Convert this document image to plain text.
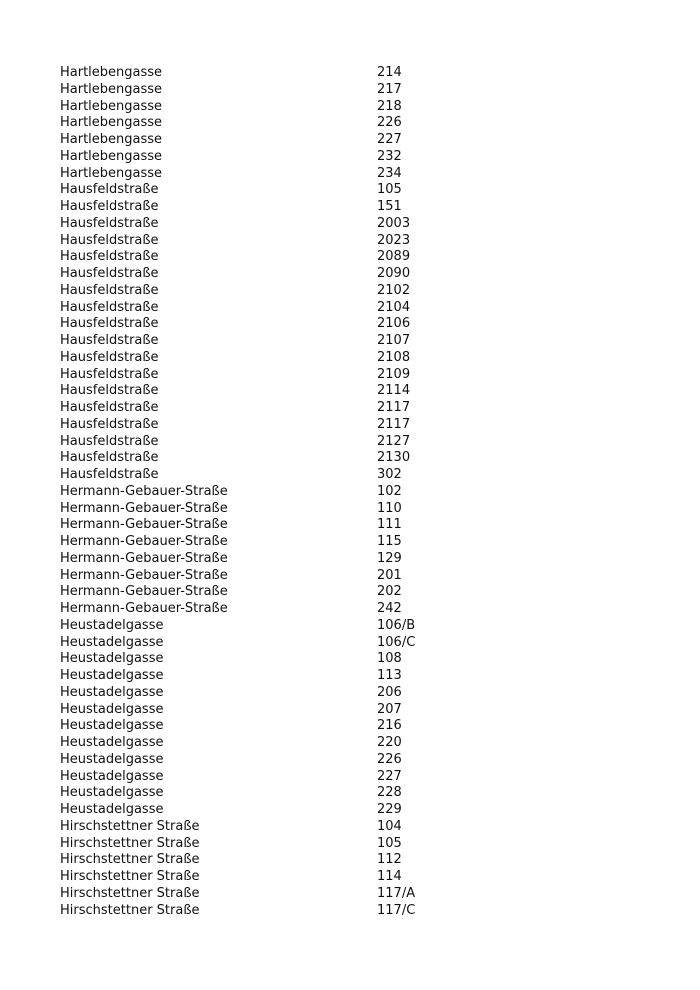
Hartlebengasse	214
Hartlebengasse	217
Hartlebengasse	218
Hartlebengasse	226
Hartlebengasse	227
Hartlebengasse	232
Hartlebengasse	234
Hausfeldstraße	105
Hausfeldstraße	151
Hausfeldstraße	2003
Hausfeldstraße	2023
Hausfeldstraße	2089
Hausfeldstraße	2090
Hausfeldstraße	2102
Hausfeldstraße	2104
Hausfeldstraße	2106
Hausfeldstraße	2107
Hausfeldstraße	2108
Hausfeldstraße	2109
Hausfeldstraße	2114
Hausfeldstraße	2117
Hausfeldstraße	2117
Hausfeldstraße	2127
Hausfeldstraße	2130
Hausfeldstraße	302
Hermann-Gebauer-Straße	102
Hermann-Gebauer-Straße	110
Hermann-Gebauer-Straße	111
Hermann-Gebauer-Straße	115
Hermann-Gebauer-Straße	129
Hermann-Gebauer-Straße	201
Hermann-Gebauer-Straße	202
Hermann-Gebauer-Straße	242
Heustadelgasse	106/B
Heustadelgasse	106/C
Heustadelgasse	108
Heustadelgasse	113
Heustadelgasse	206
Heustadelgasse	207
Heustadelgasse	216
Heustadelgasse	220
Heustadelgasse	226
Heustadelgasse	227
Heustadelgasse	228
Heustadelgasse	229
Hirschstettner Straße	104
Hirschstettner Straße	105
Hirschstettner Straße	112
Hirschstettner Straße	114
Hirschstettner Straße	117/A
Hirschstettner Straße	117/C
